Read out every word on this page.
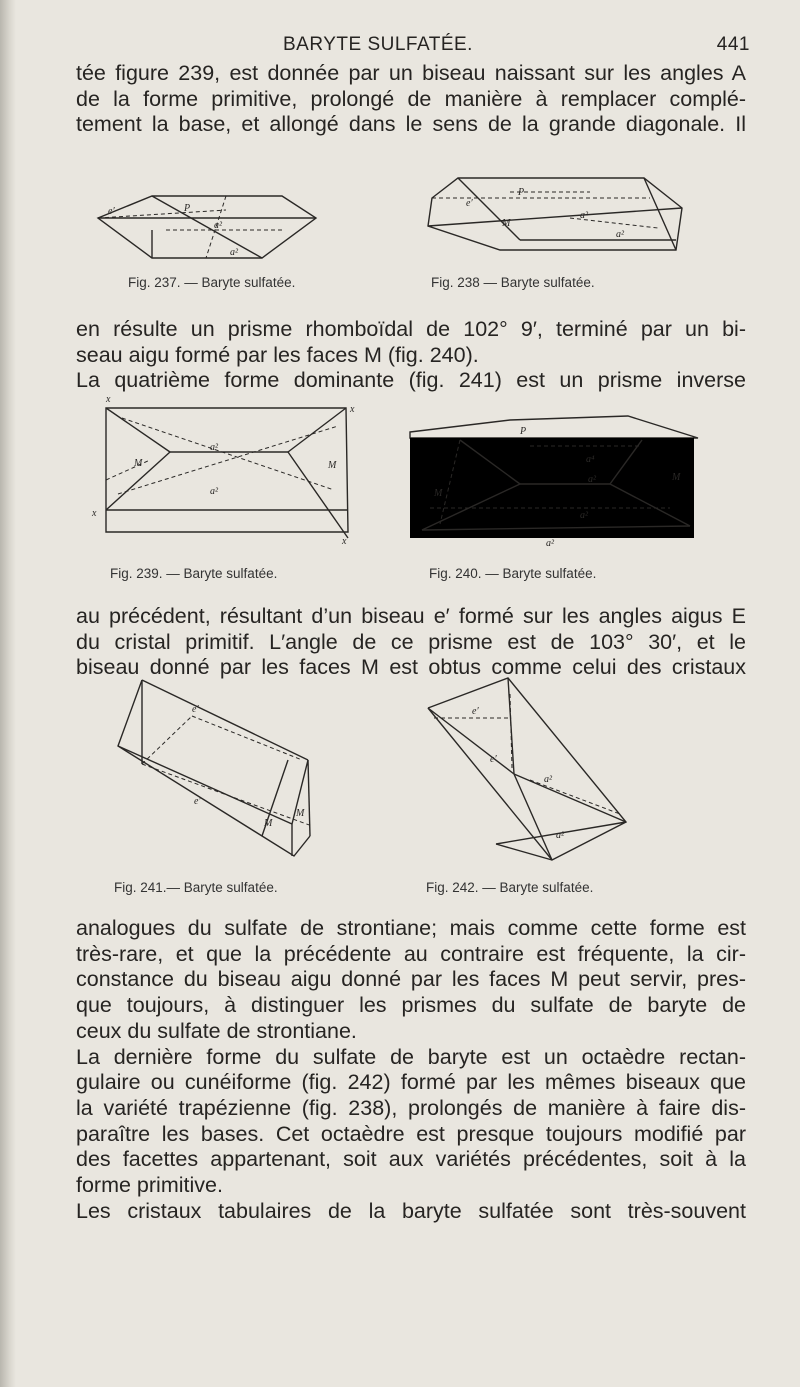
BARYTE SULFATÉE.	441
tée figure 239, est donnée par un biseau naissant sur les angles A
de la forme primitive, prolongé de manière à remplacer complé-
tement la base, et allongé dans le sens de la grande diagonale. Il
e′	P
a²
a²
Fig. 237. — Baryte sulfatée.
P
e′
M
a²
a²
Fig. 238 — Baryte sulfatée.
en résulte un prisme rhomboïdal de 102° 9′, terminé par un bi-
seau aigu formé par les faces M (fig. 240).
La quatrième forme dominante (fig. 241) est un prisme inverse
x
x
x
x
a²
a²
M	M
Fig. 239. — Baryte sulfatée.
P
a⁴
a²
a²
a²
M
M
Fig. 240. — Baryte sulfatée.
au précédent, résultant d’un biseau e′ formé sur les angles aigus E
du cristal primitif. L′angle de ce prisme est de 103° 30′, et le
biseau donné par les faces M est obtus comme celui des cristaux
e′
e′
M
M
Fig. 241.— Baryte sulfatée.
e′
e′
a²
a²
Fig. 242. — Baryte sulfatée.
analogues du sulfate de strontiane; mais comme cette forme est
très-rare, et que la précédente au contraire est fréquente, la cir-
constance du biseau aigu donné par les faces M peut servir, pres-
que toujours, à distinguer les prismes du sulfate de baryte de
ceux du sulfate de strontiane.
La dernière forme du sulfate de baryte est un octaèdre rectan-
gulaire ou cunéiforme (fig. 242) formé par les mêmes biseaux que
la variété trapézienne (fig. 238), prolongés de manière à faire dis-
paraître les bases. Cet octaèdre est presque toujours modifié par
des facettes appartenant, soit aux variétés précédentes, soit à la
forme primitive.
Les cristaux tabulaires de la baryte sulfatée sont très-souvent
